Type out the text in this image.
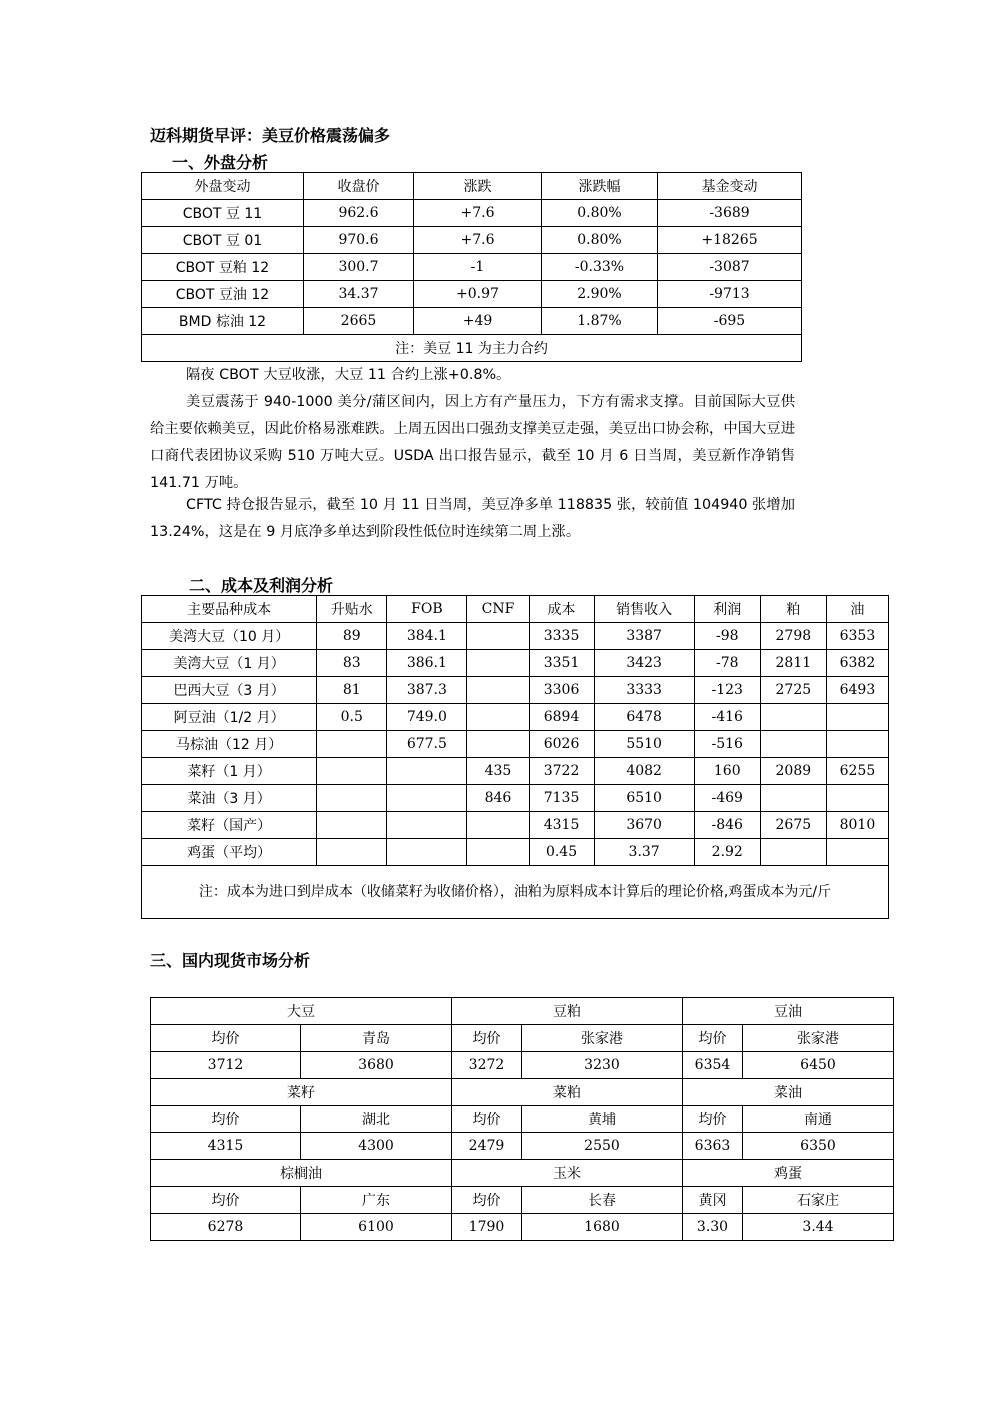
迈科期货早评：美豆价格震荡偏多
一、外盘分析
外盘变动	收盘价	涨跌	涨跌幅	基金变动
CBOT 豆 11	962.6	+7.6	0.80%	-3689
CBOT 豆 01	970.6	+7.6	0.80%	+18265
CBOT 豆粕 12	300.7	-1	-0.33%	-3087
CBOT 豆油 12	34.37	+0.97	2.90%	-9713
BMD 棕油 12	2665	+49	1.87%	-695
注：美豆 11 为主力合约				

隔夜 CBOT 大豆收涨，大豆 11 合约上涨+0.8%。

美豆震荡于 940-1000 美分/蒲区间内，因上方有产量压力，下方有需求支撑。目前国际大豆供给主要依赖美豆，因此价格易涨难跌。上周五因出口强劲支撑美豆走强，美豆出口协会称，中国大豆进口商代表团协议采购 510 万吨大豆。USDA 出口报告显示，截至 10 月 6 日当周，美豆新作净销售 141.71 万吨。

CFTC 持仓报告显示，截至 10 月 11 日当周，美豆净多单 118835 张，较前值 104940 张增加 13.24%，这是在 9 月底净多单达到阶段性低位时连续第二周上涨。

二、成本及利润分析
主要品种成本	升贴水	FOB	CNF	成本	销售收入	利润	粕	油
美湾大豆（10 月）	89	384.1		3335	3387	-98	2798	6353
美湾大豆（1 月）	83	386.1		3351	3423	-78	2811	6382
巴西大豆（3 月）	81	387.3		3306	3333	-123	2725	6493
阿豆油（1/2 月）	0.5	749.0		6894	6478	-416		
马棕油（12 月）		677.5		6026	5510	-516		
菜籽（1 月）			435	3722	4082	160	2089	6255
菜油（3 月）			846	7135	6510	-469		
菜籽（国产）				4315	3670	-846	2675	8010
鸡蛋（平均）				0.45	3.37	2.92		
注：成本为进口到岸成本（收储菜籽为收储价格），油粕为原料成本计算后的理论价格,鸡蛋成本为元/斤								
三、国内现货市场分析
大豆		豆粕		豆油	
均价	青岛	均价	张家港	均价	张家港
3712	3680	3272	3230	6354	6450
菜籽		菜粕		菜油	
均价	湖北	均价	黄埔	均价	南通
4315	4300	2479	2550	6363	6350
棕榈油		玉米		鸡蛋	
均价	广东	均价	长春	黄冈	石家庄
6278	6100	1790	1680	3.30	3.44
